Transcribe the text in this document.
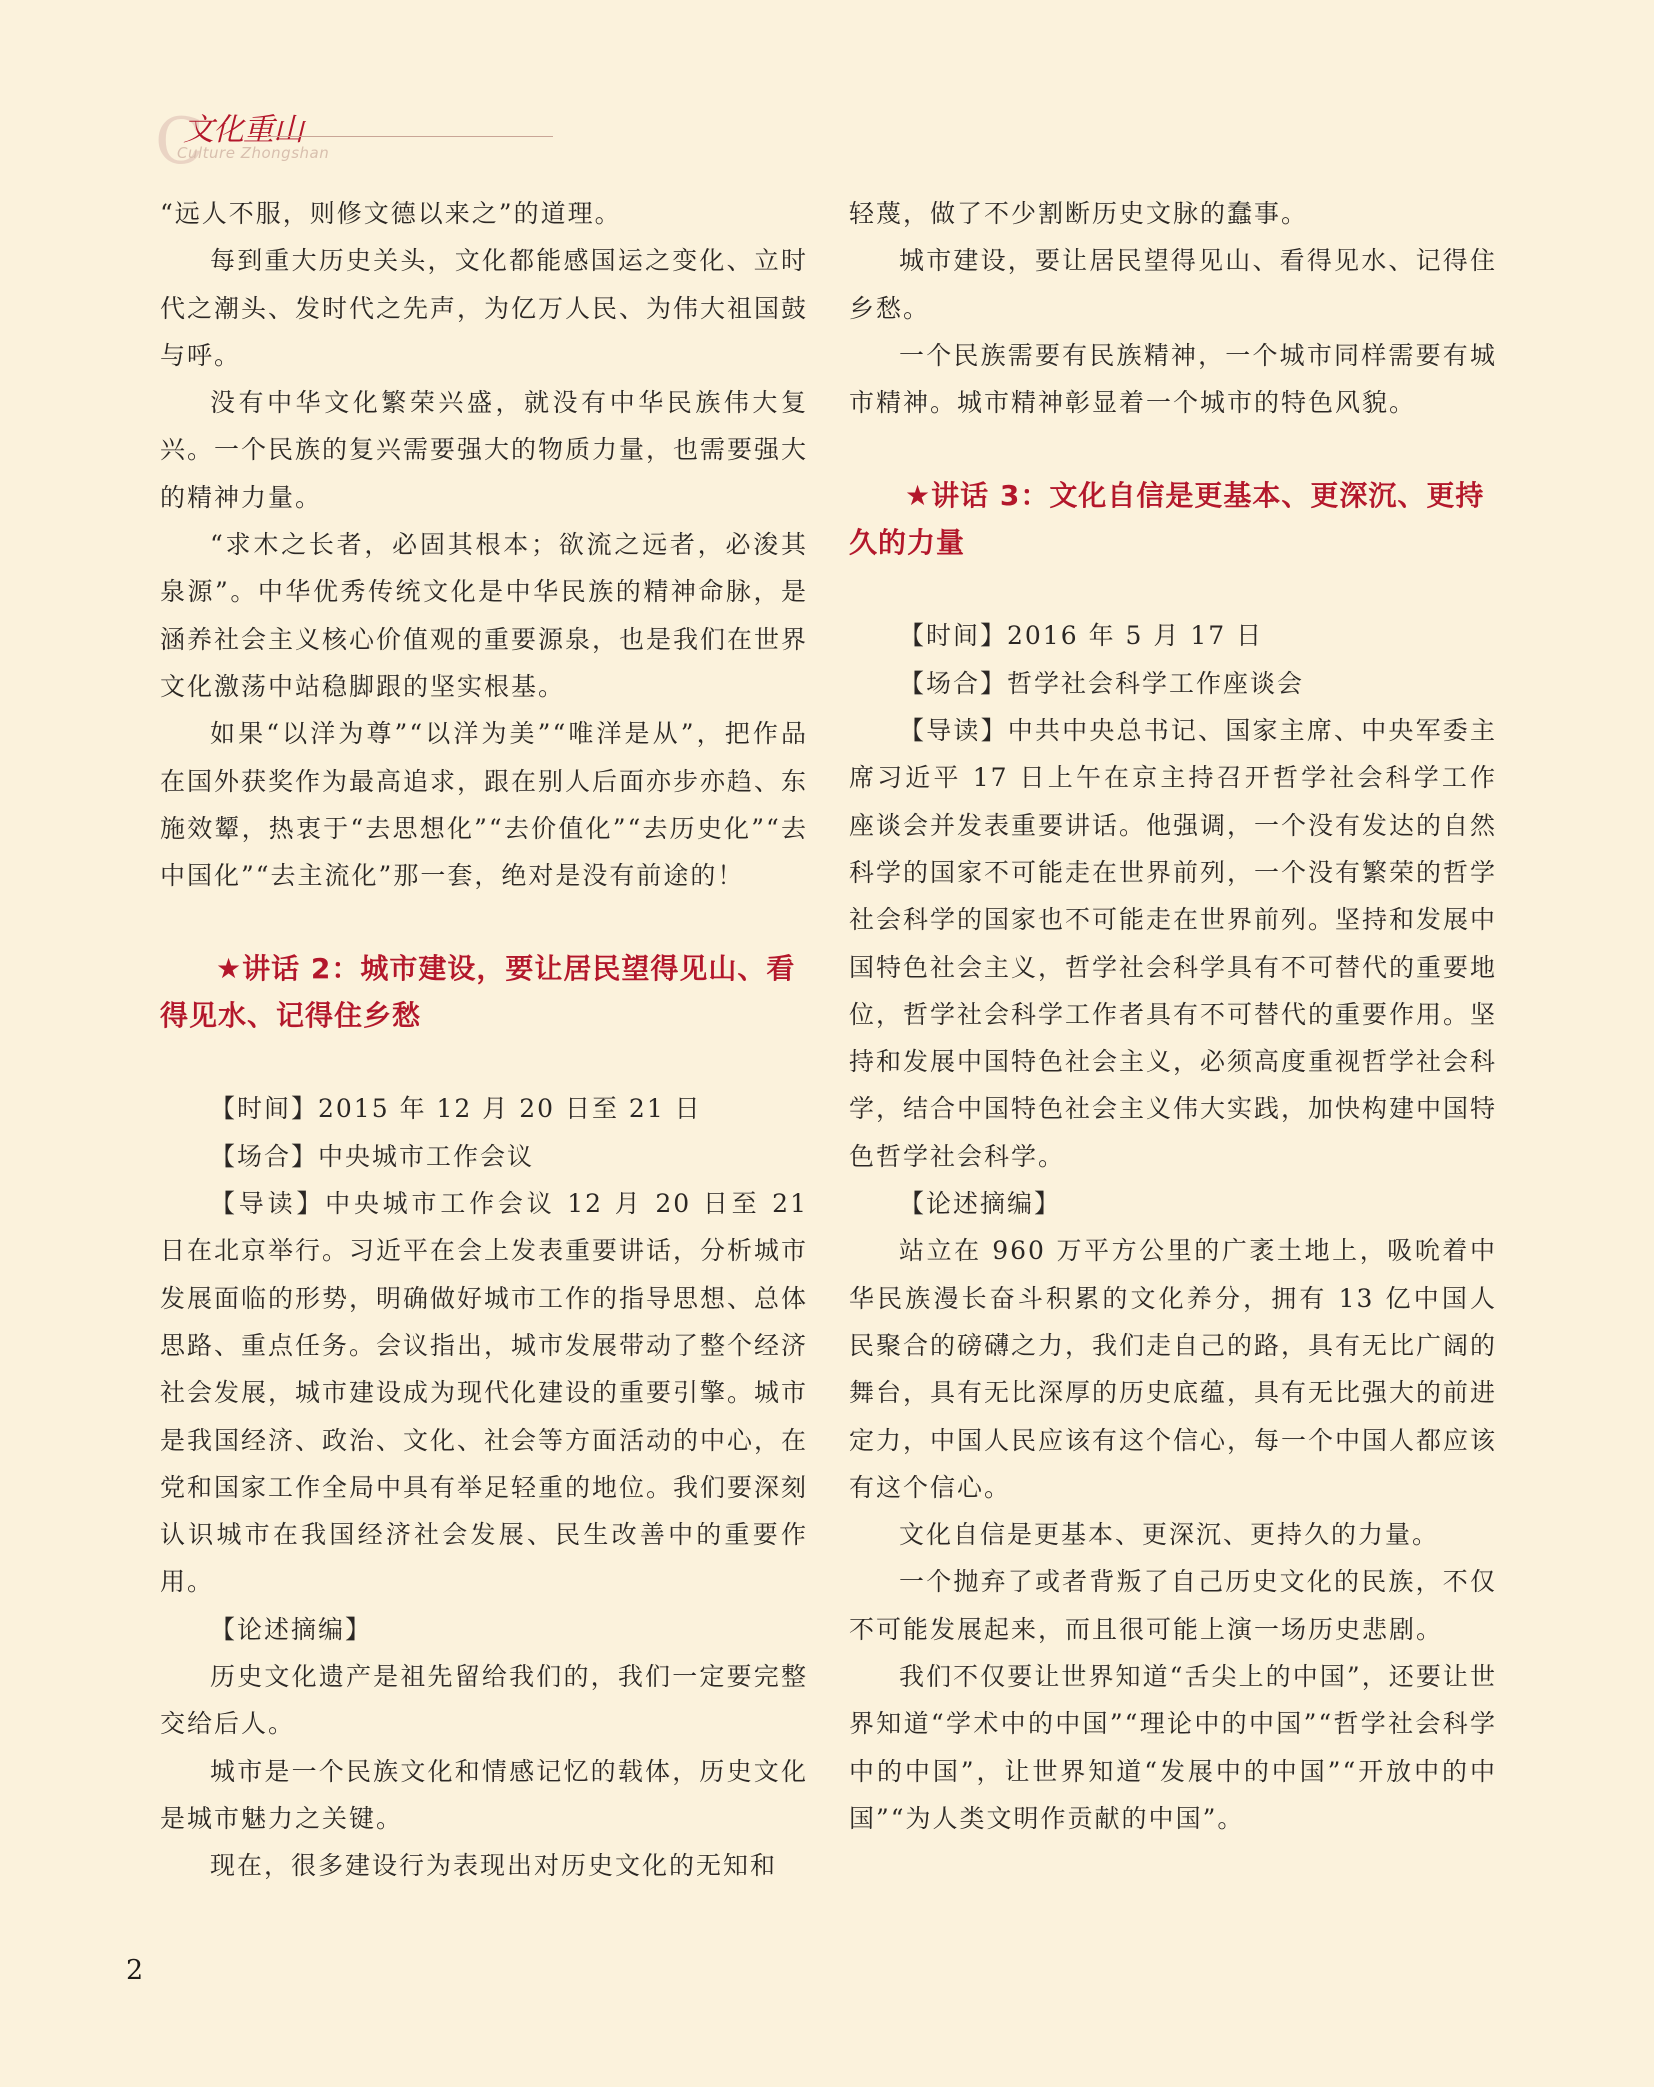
C
文化重山
Culture Zhongshan

“远人不服，则修文德以来之”的道理。

每到重大历史关头，文化都能感国运之变化、立时代之潮头、发时代之先声，为亿万人民、为伟大祖国鼓与呼。

没有中华文化繁荣兴盛，就没有中华民族伟大复兴。一个民族的复兴需要强大的物质力量，也需要强大的精神力量。

“求木之长者，必固其根本；欲流之远者，必浚其泉源”。中华优秀传统文化是中华民族的精神命脉，是涵养社会主义核心价值观的重要源泉，也是我们在世界文化激荡中站稳脚跟的坚实根基。

如果“以洋为尊”“以洋为美”“唯洋是从”，把作品在国外获奖作为最高追求，跟在别人后面亦步亦趋、东施效颦，热衷于“去思想化”“去价值化”“去历史化”“去中国化”“去主流化”那一套，绝对是没有前途的！

★讲话 2：城市建设，要让居民望得见山、看得见水、记得住乡愁

【时间】2015 年 12 月 20 日至 21 日

【场合】中央城市工作会议

【导读】中央城市工作会议 12 月 20 日至 21 日在北京举行。习近平在会上发表重要讲话，分析城市发展面临的形势，明确做好城市工作的指导思想、总体思路、重点任务。会议指出，城市发展带动了整个经济社会发展，城市建设成为现代化建设的重要引擎。城市是我国经济、政治、文化、社会等方面活动的中心，在党和国家工作全局中具有举足轻重的地位。我们要深刻认识城市在我国经济社会发展、民生改善中的重要作用。

【论述摘编】

历史文化遗产是祖先留给我们的，我们一定要完整交给后人。

城市是一个民族文化和情感记忆的载体，历史文化是城市魅力之关键。

现在，很多建设行为表现出对历史文化的无知和

轻蔑，做了不少割断历史文脉的蠢事。

城市建设，要让居民望得见山、看得见水、记得住乡愁。

一个民族需要有民族精神，一个城市同样需要有城市精神。城市精神彰显着一个城市的特色风貌。

★讲话 3：文化自信是更基本、更深沉、更持久的力量

【时间】2016 年 5 月 17 日

【场合】哲学社会科学工作座谈会

【导读】中共中央总书记、国家主席、中央军委主席习近平 17 日上午在京主持召开哲学社会科学工作座谈会并发表重要讲话。他强调，一个没有发达的自然科学的国家不可能走在世界前列，一个没有繁荣的哲学社会科学的国家也不可能走在世界前列。坚持和发展中国特色社会主义，哲学社会科学具有不可替代的重要地位，哲学社会科学工作者具有不可替代的重要作用。坚持和发展中国特色社会主义，必须高度重视哲学社会科学，结合中国特色社会主义伟大实践，加快构建中国特色哲学社会科学。

【论述摘编】

站立在 960 万平方公里的广袤土地上，吸吮着中华民族漫长奋斗积累的文化养分，拥有 13 亿中国人民聚合的磅礴之力，我们走自己的路，具有无比广阔的舞台，具有无比深厚的历史底蕴，具有无比强大的前进定力，中国人民应该有这个信心，每一个中国人都应该有这个信心。

文化自信是更基本、更深沉、更持久的力量。

一个抛弃了或者背叛了自己历史文化的民族，不仅不可能发展起来，而且很可能上演一场历史悲剧。

我们不仅要让世界知道“舌尖上的中国”，还要让世界知道“学术中的中国”“理论中的中国”“哲学社会科学中的中国”，让世界知道“发展中的中国”“开放中的中国”“为人类文明作贡献的中国”。

2
